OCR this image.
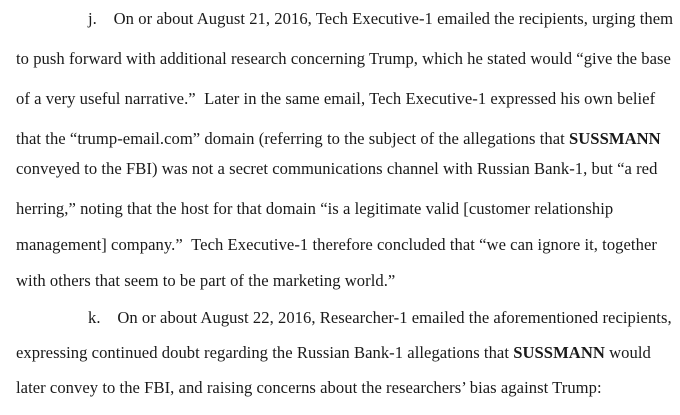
j.    On or about August 21, 2016, Tech Executive-1 emailed the recipients, urging them
to push forward with additional research concerning Trump, which he stated would “give the base
of a very useful narrative.”  Later in the same email, Tech Executive-1 expressed his own belief
that the “trump-email.com” domain (referring to the subject of the allegations that SUSSMANN
conveyed to the FBI) was not a secret communications channel with Russian Bank-1, but “a red
herring,” noting that the host for that domain “is a legitimate valid [customer relationship
management] company.”  Tech Executive-1 therefore concluded that “we can ignore it, together
with others that seem to be part of the marketing world.”
k.    On or about August 22, 2016, Researcher-1 emailed the aforementioned recipients,
expressing continued doubt regarding the Russian Bank-1 allegations that SUSSMANN would
later convey to the FBI, and raising concerns about the researchers’ bias against Trump:
